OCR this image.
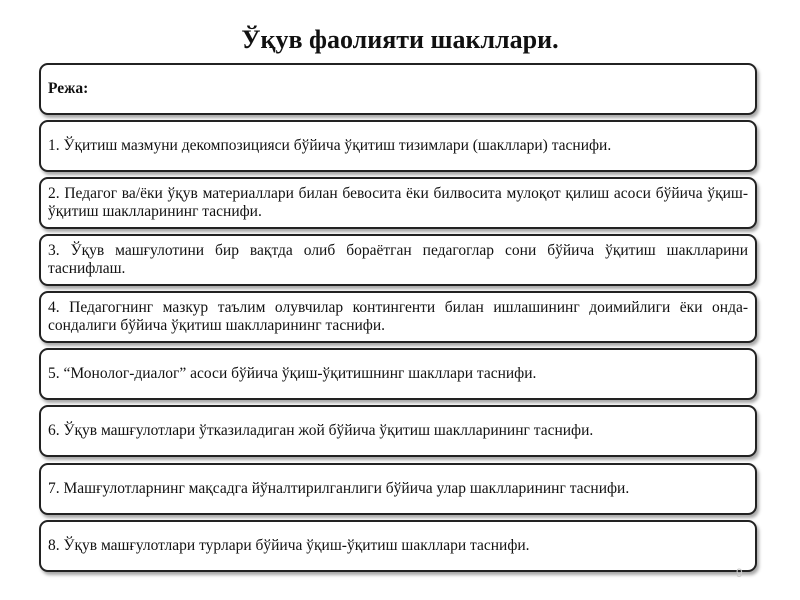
Ўқув фаолияти шакллари.
Режа:
1. Ўқитиш мазмуни декомпозицияси бўйича ўқитиш тизимлари (шакллари) таснифи.
2. Педагог ва/ёки ўқув материаллари билан бевосита ёки билвосита мулоқот қилиш асоси бўйича ўқиш-ўқитиш шаклларининг таснифи.
3. Ўқув машғулотини бир вақтда олиб бораётган педагоглар сони бўйича ўқитиш шаклларини таснифлаш.
4. Педагогнинг мазкур таълим олувчилар контингенти билан ишлашининг доимийлиги ёки онда-сондалиги бўйича ўқитиш шаклларининг таснифи.
5. “Монолог-диалог” асоси бўйича ўқиш-ўқитишнинг шакллари таснифи.
6. Ўқув машғулотлари ўтказиладиган жой бўйича ўқитиш шаклларининг таснифи.
7. Машғулотларнинг мақсадга йўналтирилганлиги бўйича улар шаклларининг таснифи.
8. Ўқув машғулотлари турлари бўйича ўқиш-ўқитиш шакллари таснифи.
9
